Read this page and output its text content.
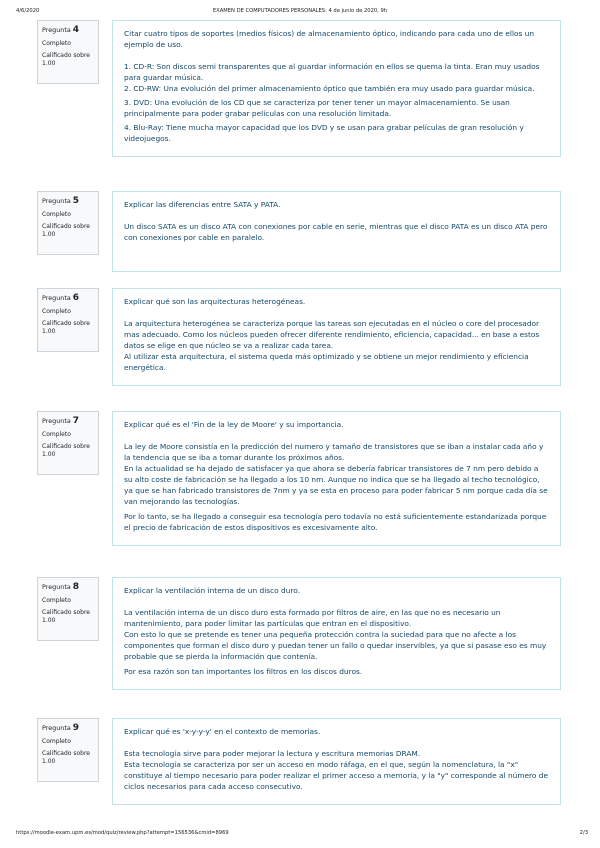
4/6/2020	EXAMEN DE COMPUTADORES PERSONALES: 4 de junio de 2020, 9h
Pregunta 4
Completo
Calificado sobre 1.00

Citar cuatro tipos de soportes (medios físicos) de almacenamiento óptico, indicando para cada uno de ellos un ejemplo de uso.

1. CD-R: Son discos semi transparentes que al guardar información en ellos se quema la tinta. Eran muy usados para guardar música.

2. CD-RW: Una evolución del primer almacenamiento óptico que también era muy usado para guardar música.

3. DVD: Una evolución de los CD que se caracteriza por tener tener un mayor almacenamiento. Se usan principalmente para poder grabar películas con una resolución limitada.

4. Blu-Ray: Tiene mucha mayor capacidad que los DVD y se usan para grabar películas de gran resolución y videojuegos.

Pregunta 5
Completo
Calificado sobre 1.00

Explicar las diferencias entre SATA y PATA.

Un disco SATA es un disco ATA con conexiones por cable en serie, mientras que el disco PATA es un disco ATA pero con conexiones por cable en paralelo.

Pregunta 6
Completo
Calificado sobre 1.00

Explicar qué son las arquitecturas heterogéneas.

La arquitectura heterogénea se caracteriza porque las tareas son ejecutadas en el núcleo o core del procesador mas adecuado. Como los núcleos pueden ofrecer diferente rendimiento, eficiencia, capacidad... en base a estos datos se elige en que núcleo se va a realizar cada tarea.

Al utilizar esta arquitectura, el sistema queda más optimizado y se obtiene un mejor rendimiento y eficiencia energética.

Pregunta 7
Completo
Calificado sobre 1.00

Explicar qué es el 'Fin de la ley de Moore' y su importancia.

La ley de Moore consistía en la predicción del numero y tamaño de transistores que se iban a instalar cada año y la tendencia que se iba a tomar durante los próximos años.

En la actualidad se ha dejado de satisfacer ya que ahora se debería fabricar transistores de 7 nm pero debido a su alto coste de fabricación se ha llegado a los 10 nm. Aunque no indica que se ha llegado al techo tecnológico, ya que se han fabricado transistores de 7nm y ya se esta en proceso para poder fabricar 5 nm porque cada día se van mejorando las tecnologías.

Por lo tanto, se ha llegado a conseguir esa tecnología pero todavía no está suficientemente estandarizada porque el precio de fabricación de estos dispositivos es excesivamente alto.

Pregunta 8
Completo
Calificado sobre 1.00

Explicar la ventilación interna de un disco duro.

La ventilación interna de un disco duro esta formado por filtros de aire, en las que no es necesario un mantenimiento, para poder limitar las partículas que entran en el dispositivo.

Con esto lo que se pretende es tener una pequeña protección contra la suciedad para que no afecte a los componentes que forman el disco duro y puedan tener un fallo o quedar inservibles, ya que si pasase eso es muy probable que se pierda la información que contenía.

Por esa razón son tan importantes los filtros en los discos duros.

Pregunta 9
Completo
Calificado sobre 1.00

Explicar qué es 'x-y-y-y' en el contexto de memorias.

Esta tecnología sirve para poder mejorar la lectura y escritura memorias DRAM.

Esta tecnología se caracteriza por ser un acceso en modo ráfaga, en el que, según la nomenclatura, la "x" constituye al tiempo necesario para poder realizar el primer acceso a memoria, y la "y" corresponde al número de ciclos necesarios para cada acceso consecutivo.

https://moodle-exam.upm.es/mod/quiz/review.php?attempt=156536&cmid=8969	2/3
